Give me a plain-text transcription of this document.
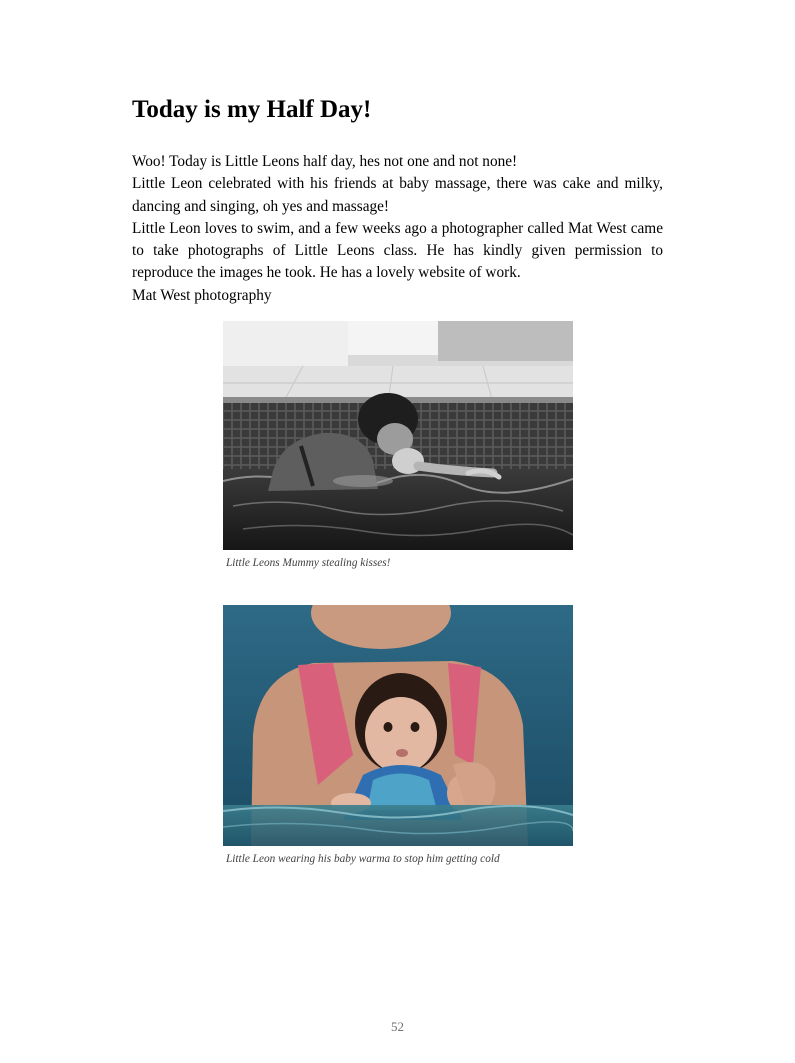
Today is my Half Day!

Woo! Today is Little Leons half day, hes not one and not none!

Little Leon celebrated with his friends at baby massage, there was cake and milky, dancing and singing, oh yes and massage!

Little Leon loves to swim, and a few weeks ago a photographer called Mat West came to take photographs of Little Leons class. He has kindly given permission to reproduce the images he took. He has a lovely website of work.

Mat West photography

Little Leons Mummy stealing kisses!

Little Leon wearing his baby warma to stop him getting cold

52
